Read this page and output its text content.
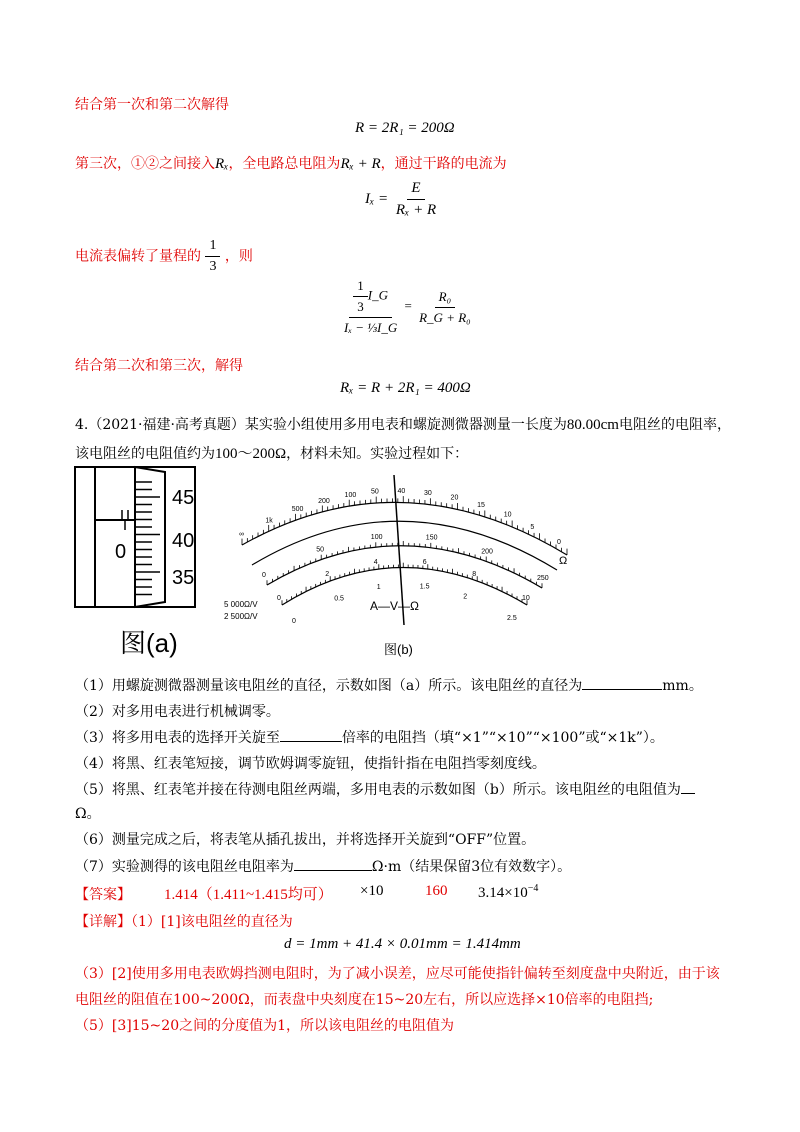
结合第一次和第二次解得
R = 2R₁ = 200Ω
第三次，①②之间接入Rₓ，全电路总电阻为Rₓ + R，通过干路的电流为
$I_x = \frac{E}{\text{Rₓ + R}}$
电流表偏转了量程的 $\frac{1}{3}$ ，则
$\frac{\frac{1}{3} I\_G}{\text{Iₓ − ⅓I\_G}} = \frac{\text{R₀}}{\text{R\_G + R₀}}$
结合第二次和第三次，解得
Rₓ = R + 2R₁ = 400Ω
4.（2021·福建·高考真题）某实验小组使用多用电表和螺旋测微器测量一长度为80.00cm电阻丝的电阻率，
该电阻丝的电阻值约为100～200Ω，材料未知。实验过程如下：
0
45
40
35
图(a)
∞
1k
500
200
100 50	40	30
20
15
10
5
0
0
50
100	150
200
250
0
2
4	6
8
10
0
0.5
1	1.5
2
2.5
Ω
5 000Ω/V
2 500Ω/V
A—V—Ω
图(b)
（1）用螺旋测微器测量该电阻丝的直径，示数如图（a）所示。该电阻丝的直径为	mm。
（2）对多用电表进行机械调零。
（3）将多用电表的选择开关旋至	倍率的电阻挡（填“×1”“×10”“×100”或“×1k”）。
（4）将黑、红表笔短接，调节欧姆调零旋钮，使指针指在电阻挡零刻度线。
（5）将黑、红表笔并接在待测电阻丝两端，多用电表的示数如图（b）所示。该电阻丝的电阻值为
Ω。
（6）测量完成之后，将表笔从插孔拔出，并将选择开关旋到“OFF”位置。
（7）实验测得的该电阻丝电阻率为	Ω·m（结果保留3位有效数字）。
【答案】 1.414（1.411~1.415均可） ×10	160 $3.14\times 10^{-4}$
【详解】（1）[1]该电阻丝的直径为
d = 1mm + 41.4 × 0.01mm = 1.414mm
（3）[2]使用多用电表欧姆挡测电阻时，为了减小误差，应尽可能使指针偏转至刻度盘中央附近，由于该
电阻丝的阻值在100~200Ω，而表盘中央刻度在15~20左右，所以应选择×10倍率的电阻挡;
（5）[3]15~20之间的分度值为1，所以该电阻丝的电阻值为
